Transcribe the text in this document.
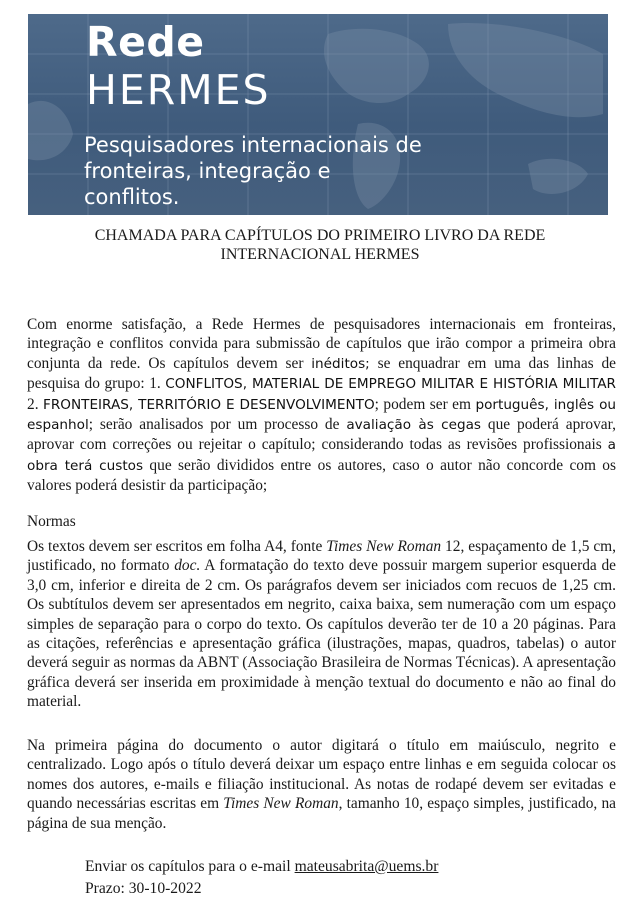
Rede
HERMES
Pesquisadores internacionais de
fronteiras, integração e
conflitos.
CHAMADA PARA CAPÍTULOS DO PRIMEIRO LIVRO DA REDE
INTERNACIONAL HERMES
Com enorme satisfação, a Rede Hermes de pesquisadores internacionais em fronteiras, integração e conflitos convida para submissão de capítulos que irão compor a primeira obra conjunta da rede. Os capítulos devem ser inéditos; se enquadrar em uma das linhas de pesquisa do grupo: 1. CONFLITOS, MATERIAL DE EMPREGO MILITAR E HISTÓRIA MILITAR 2. FRONTEIRAS, TERRITÓRIO E DESENVOLVIMENTO; podem ser em português, inglês ou espanhol; serão analisados por um processo de avaliação às cegas que poderá aprovar, aprovar com correções ou rejeitar o capítulo; considerando todas as revisões profissionais a obra terá custos que serão divididos entre os autores, caso o autor não concorde com os valores poderá desistir da participação;
Normas
Os textos devem ser escritos em folha A4, fonte Times New Roman 12, espaçamento de 1,5 cm, justificado, no formato doc. A formatação do texto deve possuir margem superior esquerda de 3,0 cm, inferior e direita de 2 cm. Os parágrafos devem ser iniciados com recuos de 1,25 cm. Os subtítulos devem ser apresentados em negrito, caixa baixa, sem numeração com um espaço simples de separação para o corpo do texto. Os capítulos deverão ter de 10 a 20 páginas. Para as citações, referências e apresentação gráfica (ilustrações, mapas, quadros, tabelas) o autor deverá seguir as normas da ABNT (Associação Brasileira de Normas Técnicas). A apresentação gráfica deverá ser inserida em proximidade à menção textual do documento e não ao final do material.
Na primeira página do documento o autor digitará o título em maiúsculo, negrito e centralizado. Logo após o título deverá deixar um espaço entre linhas e em seguida colocar os nomes dos autores, e-mails e filiação institucional. As notas de rodapé devem ser evitadas e quando necessárias escritas em Times New Roman, tamanho 10, espaço simples, justificado, na página de sua menção.
Enviar os capítulos para o e-mail mateusabrita@uems.br
Prazo: 30-10-2022
